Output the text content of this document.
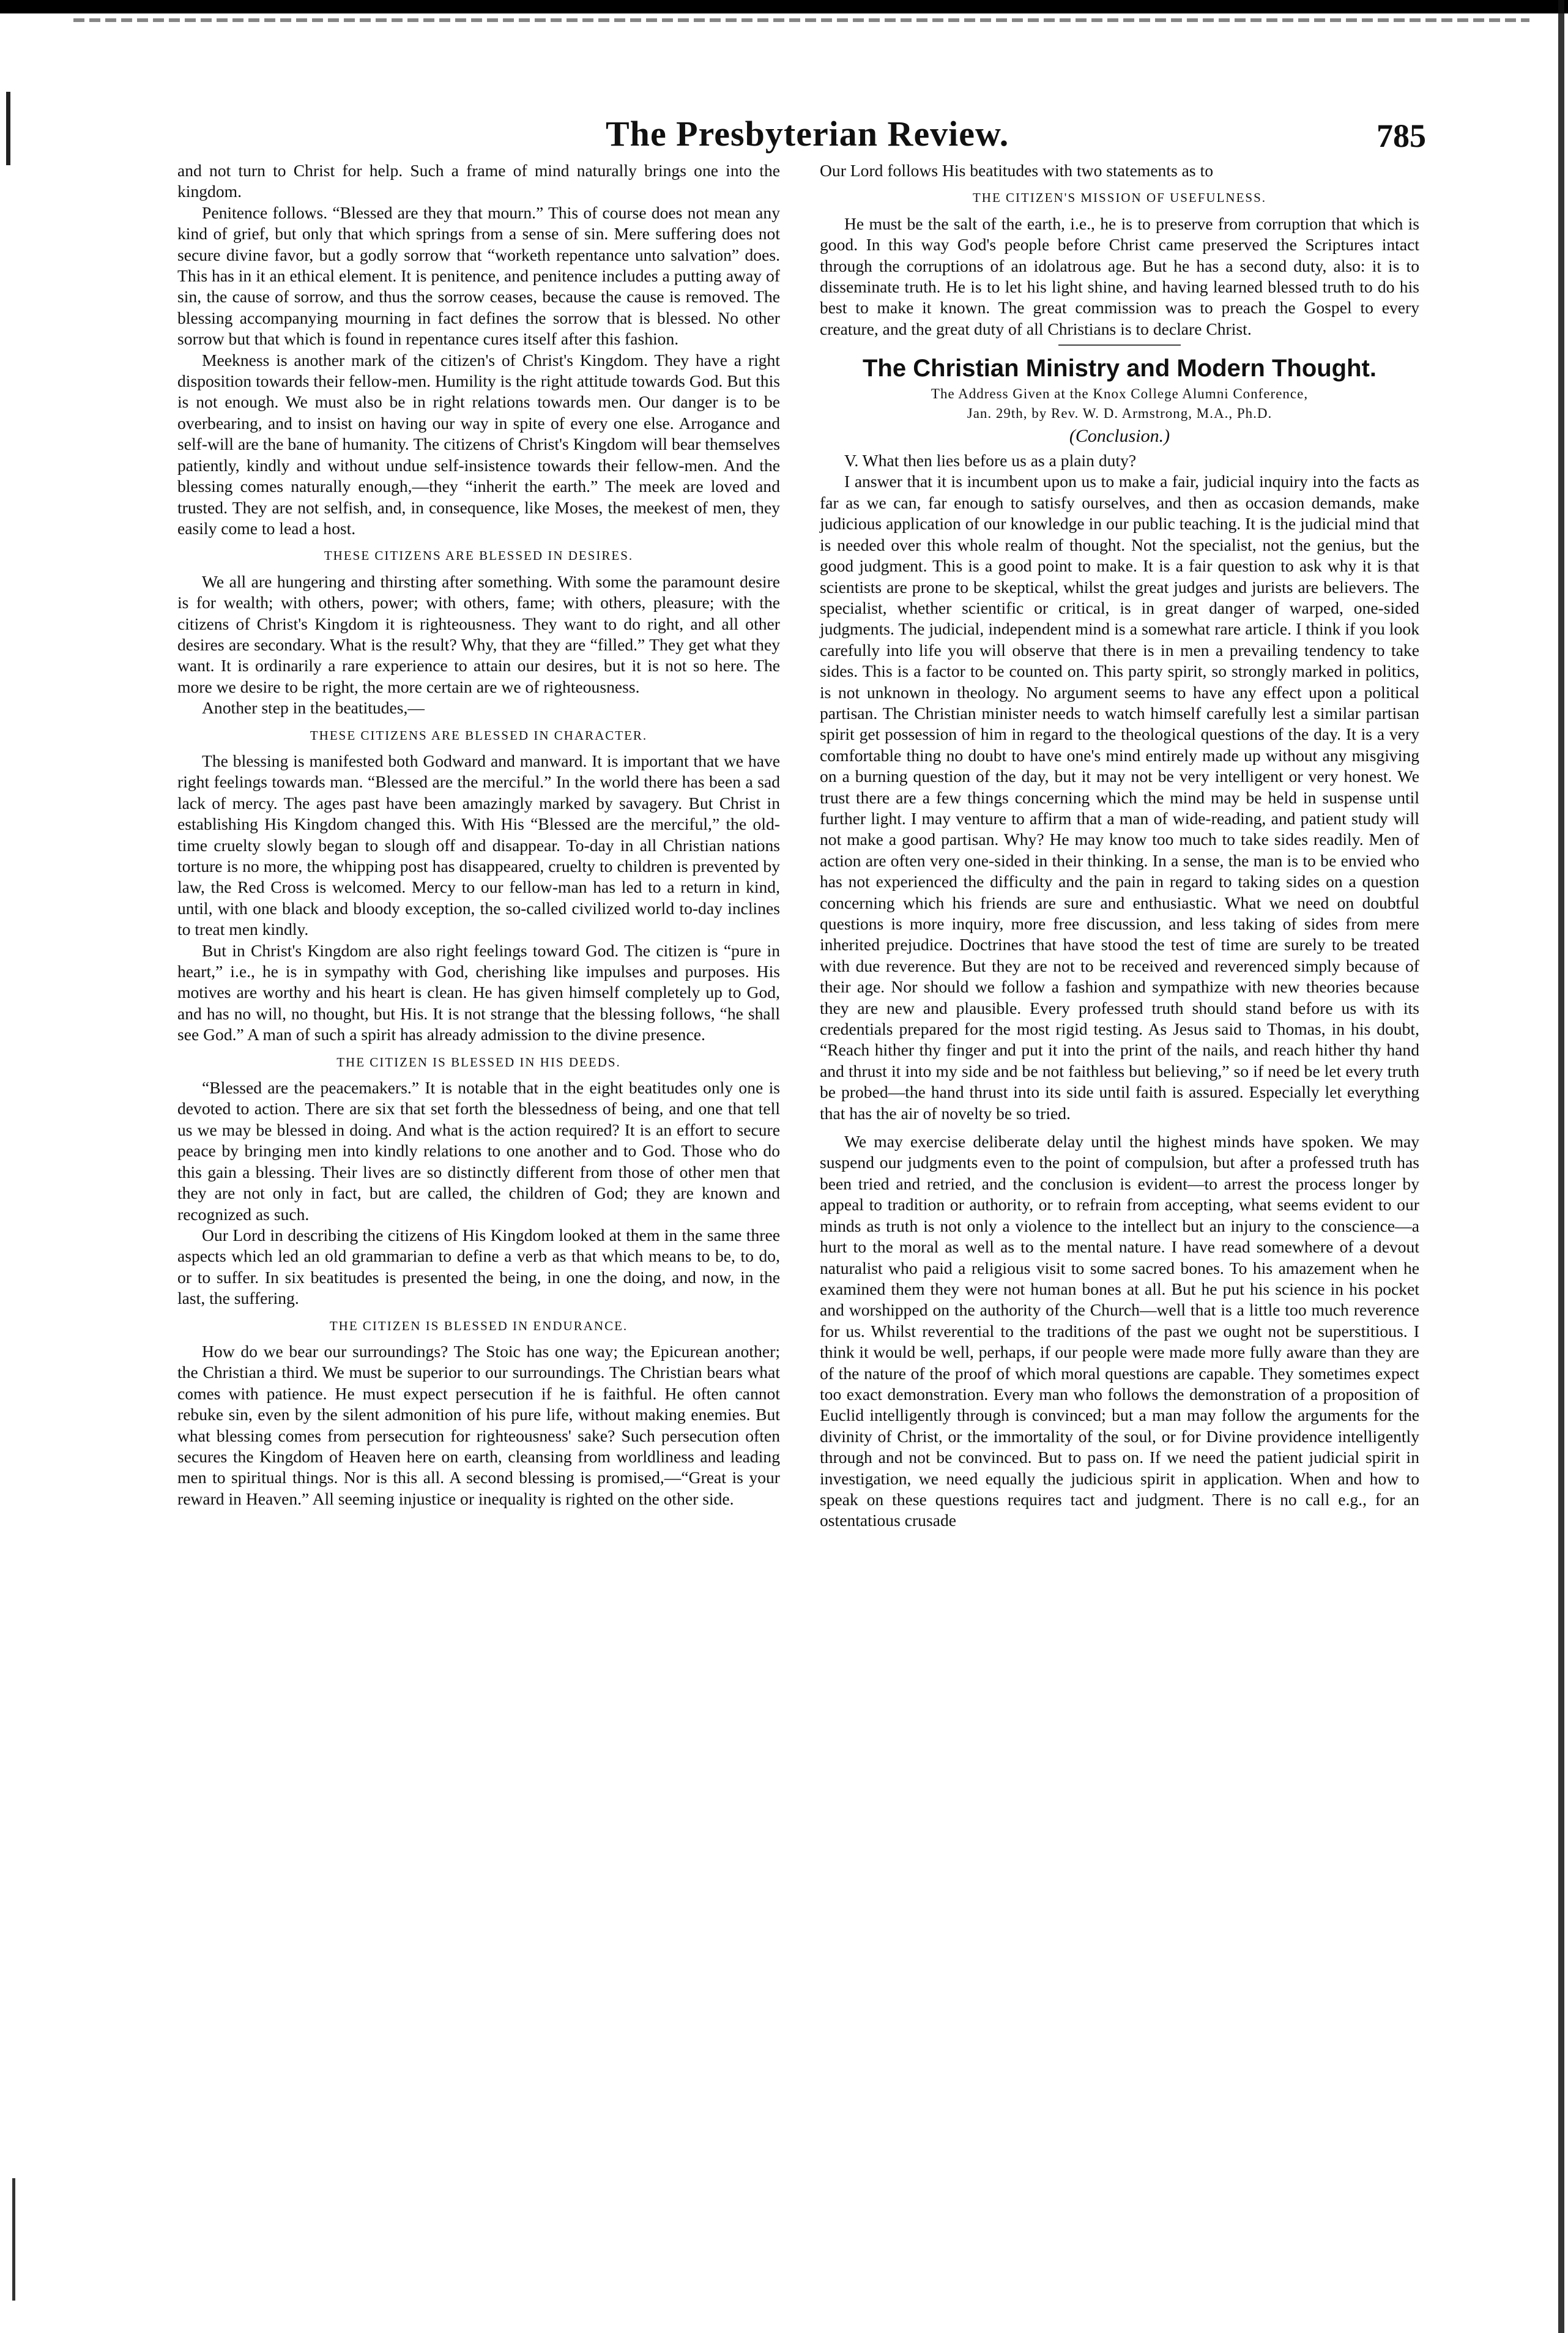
The Presbyterian Review.	785

and not turn to Christ for help. Such a frame of mind naturally brings one into the kingdom.

Penitence follows. “Blessed are they that mourn.” This of course does not mean any kind of grief, but only that which springs from a sense of sin. Mere suffering does not secure divine favor, but a godly sorrow that “worketh repentance unto salvation” does. This has in it an ethical element. It is penitence, and penitence includes a putting away of sin, the cause of sorrow, and thus the sorrow ceases, because the cause is removed. The blessing accompanying mourning in fact defines the sorrow that is blessed. No other sorrow but that which is found in repentance cures itself after this fashion.

Meekness is another mark of the citizen's of Christ's Kingdom. They have a right disposition towards their fellow-men. Humility is the right attitude towards God. But this is not enough. We must also be in right relations towards men. Our danger is to be overbearing, and to insist on having our way in spite of every one else. Arrogance and self-will are the bane of humanity. The citizens of Christ's Kingdom will bear themselves patiently, kindly and without undue self-insistence towards their fellow-men. And the blessing comes naturally enough,—they “inherit the earth.” The meek are loved and trusted. They are not selfish, and, in consequence, like Moses, the meekest of men, they easily come to lead a host.

THESE CITIZENS ARE BLESSED IN DESIRES.

We all are hungering and thirsting after something. With some the paramount desire is for wealth; with others, power; with others, fame; with others, pleasure; with the citizens of Christ's Kingdom it is righteousness. They want to do right, and all other desires are secondary. What is the result? Why, that they are “filled.” They get what they want. It is ordinarily a rare experience to attain our desires, but it is not so here. The more we desire to be right, the more certain are we of righteousness.

Another step in the beatitudes,—

THESE CITIZENS ARE BLESSED IN CHARACTER.

The blessing is manifested both Godward and manward. It is important that we have right feelings towards man. “Blessed are the merciful.” In the world there has been a sad lack of mercy. The ages past have been amazingly marked by savagery. But Christ in establishing His Kingdom changed this. With His “Blessed are the merciful,” the old-time cruelty slowly began to slough off and disappear. To-day in all Christian nations torture is no more, the whipping post has disappeared, cruelty to children is prevented by law, the Red Cross is welcomed. Mercy to our fellow-man has led to a return in kind, until, with one black and bloody exception, the so-called civilized world to-day inclines to treat men kindly.

But in Christ's Kingdom are also right feelings toward God. The citizen is “pure in heart,” i.e., he is in sympathy with God, cherishing like impulses and purposes. His motives are worthy and his heart is clean. He has given himself completely up to God, and has no will, no thought, but His. It is not strange that the blessing follows, “he shall see God.” A man of such a spirit has already admission to the divine presence.

THE CITIZEN IS BLESSED IN HIS DEEDS.

“Blessed are the peacemakers.” It is notable that in the eight beatitudes only one is devoted to action. There are six that set forth the blessedness of being, and one that tell us we may be blessed in doing. And what is the action required? It is an effort to secure peace by bringing men into kindly relations to one another and to God. Those who do this gain a blessing. Their lives are so distinctly different from those of other men that they are not only in fact, but are called, the children of God; they are known and recognized as such.

Our Lord in describing the citizens of His Kingdom looked at them in the same three aspects which led an old grammarian to define a verb as that which means to be, to do, or to suffer. In six beatitudes is presented the being, in one the doing, and now, in the last, the suffering.

THE CITIZEN IS BLESSED IN ENDURANCE.

How do we bear our surroundings? The Stoic has one way; the Epicurean another; the Christian a third. We must be superior to our surroundings. The Christian bears what comes with patience. He must expect persecution if he is faithful. He often cannot rebuke sin, even by the silent admonition of his pure life, without making enemies. But what blessing comes from persecution for righteousness' sake? Such persecution often secures the Kingdom of Heaven here on earth, cleansing from worldliness and leading men to spiritual things. Nor is this all. A second blessing is promised,—“Great is your reward in Heaven.” All seeming injustice or inequality is righted on the other side.

Our Lord follows His beatitudes with two statements as to

THE CITIZEN'S MISSION OF USEFULNESS.

He must be the salt of the earth, i.e., he is to preserve from corruption that which is good. In this way God's people before Christ came preserved the Scriptures intact through the corruptions of an idolatrous age. But he has a second duty, also: it is to disseminate truth. He is to let his light shine, and having learned blessed truth to do his best to make it known. The great commission was to preach the Gospel to every creature, and the great duty of all Christians is to declare Christ.

The Christian Ministry and Modern Thought.
The Address Given at the Knox College Alumni Conference,
Jan. 29th, by Rev. W. D. Armstrong, M.A., Ph.D.
(Conclusion.)

V. What then lies before us as a plain duty?

I answer that it is incumbent upon us to make a fair, judicial inquiry into the facts as far as we can, far enough to satisfy ourselves, and then as occasion demands, make judicious application of our knowledge in our public teaching. It is the judicial mind that is needed over this whole realm of thought. Not the specialist, not the genius, but the good judgment. This is a good point to make. It is a fair question to ask why it is that scientists are prone to be skeptical, whilst the great judges and jurists are believers. The specialist, whether scientific or critical, is in great danger of warped, one-sided judgments. The judicial, independent mind is a somewhat rare article. I think if you look carefully into life you will observe that there is in men a prevailing tendency to take sides. This is a factor to be counted on. This party spirit, so strongly marked in politics, is not unknown in theology. No argument seems to have any effect upon a political partisan. The Christian minister needs to watch himself carefully lest a similar partisan spirit get possession of him in regard to the theological questions of the day. It is a very comfortable thing no doubt to have one's mind entirely made up without any misgiving on a burning question of the day, but it may not be very intelligent or very honest. We trust there are a few things concerning which the mind may be held in suspense until further light. I may venture to affirm that a man of wide-reading, and patient study will not make a good partisan. Why? He may know too much to take sides readily. Men of action are often very one-sided in their thinking. In a sense, the man is to be envied who has not experienced the difficulty and the pain in regard to taking sides on a question concerning which his friends are sure and enthusiastic. What we need on doubtful questions is more inquiry, more free discussion, and less taking of sides from mere inherited prejudice. Doctrines that have stood the test of time are surely to be treated with due reverence. But they are not to be received and reverenced simply because of their age. Nor should we follow a fashion and sympathize with new theories because they are new and plausible. Every professed truth should stand before us with its credentials prepared for the most rigid testing. As Jesus said to Thomas, in his doubt, “Reach hither thy finger and put it into the print of the nails, and reach hither thy hand and thrust it into my side and be not faithless but believing,” so if need be let every truth be probed—the hand thrust into its side until faith is assured. Especially let everything that has the air of novelty be so tried.

We may exercise deliberate delay until the highest minds have spoken. We may suspend our judgments even to the point of compulsion, but after a professed truth has been tried and retried, and the conclusion is evident—to arrest the process longer by appeal to tradition or authority, or to refrain from accepting, what seems evident to our minds as truth is not only a violence to the intellect but an injury to the conscience—a hurt to the moral as well as to the mental nature. I have read somewhere of a devout naturalist who paid a religious visit to some sacred bones. To his amazement when he examined them they were not human bones at all. But he put his science in his pocket and worshipped on the authority of the Church—well that is a little too much reverence for us. Whilst reverential to the traditions of the past we ought not be superstitious. I think it would be well, perhaps, if our people were made more fully aware than they are of the nature of the proof of which moral questions are capable. They sometimes expect too exact demonstration. Every man who follows the demonstration of a proposition of Euclid intelligently through is convinced; but a man may follow the arguments for the divinity of Christ, or the immortality of the soul, or for Divine providence intelligently through and not be convinced. But to pass on. If we need the patient judicial spirit in investigation, we need equally the judicious spirit in application. When and how to speak on these questions requires tact and judgment. There is no call e.g., for an ostentatious crusade
